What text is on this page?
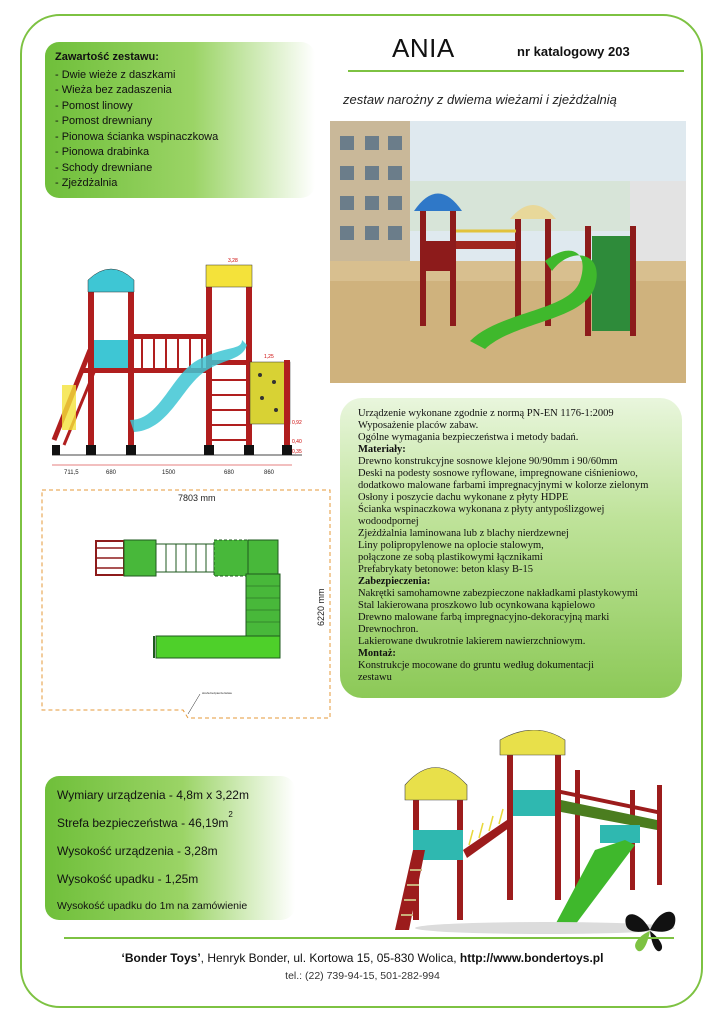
ANIA	nr katalogowy 203
zestaw narożny z dwiema wieżami i zjeżdżalnią
Zawartość zestawu:
- Dwie wieże z daszkami
- Wieża bez zadaszenia
- Pomost linowy
- Pomost drewniany
- Pionowa ścianka wspinaczkowa
- Pionowa drabinka
- Schody drewniane
- Zjeżdżalnia
711,5	680	1500	680	860
3,28
1,25
0,92
0,40
0,35
7803 mm
6220 mm
strefa bezpieczeństwa
Urządzenie wykonane zgodnie z normą PN-EN 1176-1:2009
Wyposażenie placów zabaw.
Ogólne wymagania bezpieczeństwa i metody badań.
Materiały:
Drewno konstrukcyjne sosnowe klejone 90/90mm i 90/60mm
Deski na podesty sosnowe ryflowane, impregnowane ciśnieniowo,
dodatkowo malowane farbami impregnacyjnymi w kolorze zielonym
Osłony i poszycie dachu wykonane z płyty HDPE
Ścianka wspinaczkowa wykonana z płyty antypoślizgowej
wodoodpornej
Zjeżdżalnia laminowana lub z blachy nierdzewnej
Liny polipropylenowe na oplocie stalowym,
połączone ze sobą plastikowymi łącznikami
Prefabrykaty betonowe: beton klasy B-15
Zabezpieczenia:
Nakrętki samohamowne zabezpieczone nakładkami plastykowymi
Stal lakierowana proszkowo lub ocynkowana kąpielowo
Drewno malowane farbą impregnacyjno-dekoracyjną marki
Drewnochron.
Lakierowane dwukrotnie lakierem nawierzchniowym.
Montaż:
Konstrukcje mocowane do gruntu według dokumentacji
zestawu
Wymiary urządzenia - 4,8m x 3,22m
Strefa bezpieczeństwa - 46,19m
2
Wysokość urządzenia - 3,28m
Wysokość upadku - 1,25m
Wysokość upadku do 1m na zamówienie
‘Bonder Toys’, Henryk Bonder, ul. Kortowa 15, 05-830 Wolica, http://www.bondertoys.pl
tel.: (22) 739-94-15, 501-282-994
